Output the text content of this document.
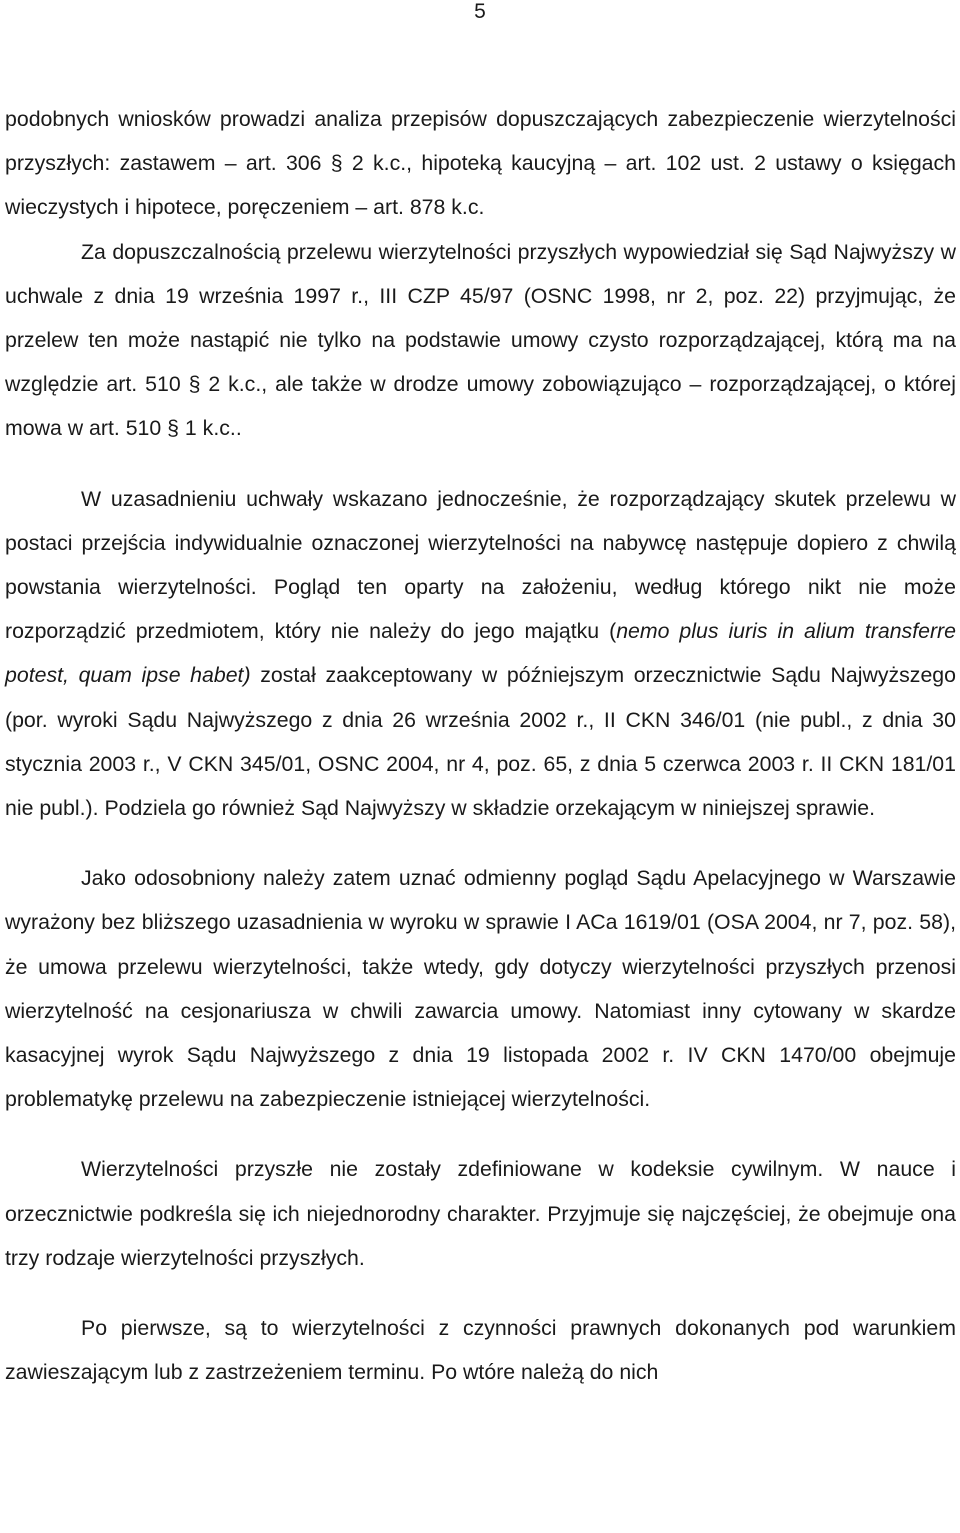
5

podobnych wniosków prowadzi analiza przepisów dopuszczających zabezpieczenie wierzytelności przyszłych: zastawem – art. 306 § 2 k.c., hipoteką kaucyjną – art. 102 ust. 2 ustawy o księgach wieczystych i hipotece, poręczeniem – art. 878 k.c.

Za dopuszczalnością przelewu wierzytelności przyszłych wypowiedział się Sąd Najwyższy w uchwale z dnia 19 września 1997 r., III CZP 45/97 (OSNC 1998, nr 2, poz. 22) przyjmując, że przelew ten może nastąpić nie tylko na podstawie umowy czysto rozporządzającej, którą ma na względzie art. 510 § 2 k.c., ale także w drodze umowy zobowiązująco – rozporządzającej, o której mowa w art. 510 § 1 k.c..

W uzasadnieniu uchwały wskazano jednocześnie, że rozporządzający skutek przelewu w postaci przejścia indywidualnie oznaczonej wierzytelności na nabywcę następuje dopiero z chwilą powstania wierzytelności. Pogląd ten oparty na założeniu, według którego nikt nie może rozporządzić przedmiotem, który nie należy do jego majątku (nemo plus iuris in alium transferre potest, quam ipse habet) został zaakceptowany w późniejszym orzecznictwie Sądu Najwyższego (por. wyroki Sądu Najwyższego z dnia 26 września 2002 r., II CKN 346/01 (nie publ., z dnia 30 stycznia 2003 r., V CKN 345/01, OSNC 2004, nr 4, poz. 65, z dnia 5 czerwca 2003 r. II CKN 181/01 nie publ.). Podziela go również Sąd Najwyższy w składzie orzekającym w niniejszej sprawie.

Jako odosobniony należy zatem uznać odmienny pogląd Sądu Apelacyjnego w Warszawie wyrażony bez bliższego uzasadnienia w wyroku w sprawie I ACa 1619/01 (OSA 2004, nr 7, poz. 58), że umowa przelewu wierzytelności, także wtedy, gdy dotyczy wierzytelności przyszłych przenosi wierzytelność na cesjonariusza w chwili zawarcia umowy. Natomiast inny cytowany w skardze kasacyjnej wyrok Sądu Najwyższego z dnia 19 listopada 2002 r. IV CKN 1470/00 obejmuje problematykę przelewu na zabezpieczenie istniejącej wierzytelności.

Wierzytelności przyszłe nie zostały zdefiniowane w kodeksie cywilnym. W nauce i orzecznictwie podkreśla się ich niejednorodny charakter. Przyjmuje się najczęściej, że obejmuje ona trzy rodzaje wierzytelności przyszłych.

Po pierwsze, są to wierzytelności z czynności prawnych dokonanych pod warunkiem zawieszającym lub z zastrzeżeniem terminu. Po wtóre należą do nich
